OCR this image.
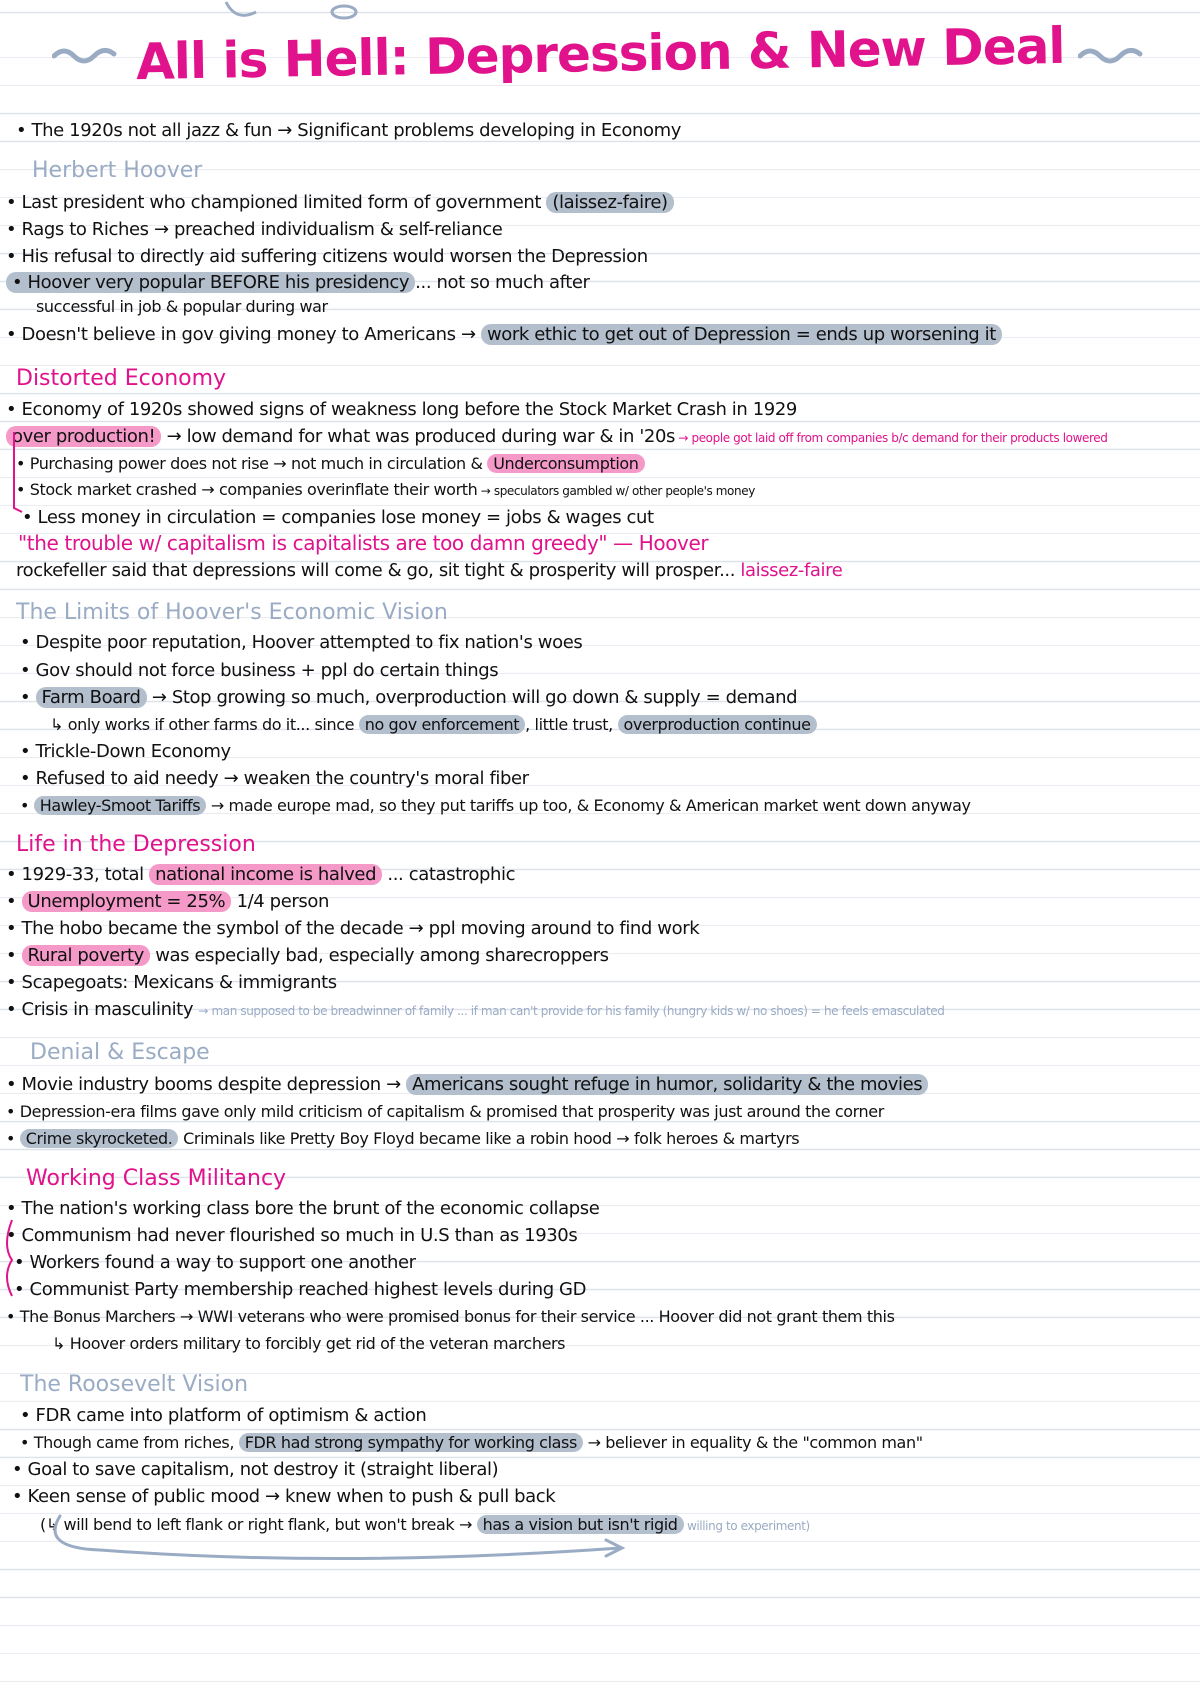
All is Hell: Depression & New Deal
• The 1920s not all jazz & fun → Significant problems developing in Economy
Herbert Hoover
• Last president who championed limited form of government (laissez-faire)
• Rags to Riches → preached individualism & self-reliance
• His refusal to directly aid suffering citizens would worsen the Depression
• Hoover very popular BEFORE his presidency ... not so much after
successful in job & popular during war
• Doesn't believe in gov giving money to Americans → work ethic to get out of Depression = ends up worsening it
Distorted Economy
• Economy of 1920s showed signs of weakness long before the Stock Market Crash in 1929
over production! → low demand for what was produced during war & in '20s → people got laid off from companies b/c demand for their products lowered
• Purchasing power does not rise → not much in circulation & Underconsumption
• Stock market crashed → companies overinflate their worth → speculators gambled w/ other people's money
• Less money in circulation = companies lose money = jobs & wages cut
"the trouble w/ capitalism is capitalists are too damn greedy" — Hoover
rockefeller said that depressions will come & go, sit tight & prosperity will prosper... laissez-faire
The Limits of Hoover's Economic Vision
• Despite poor reputation, Hoover attempted to fix nation's woes
• Gov should not force business + ppl do certain things
• Farm Board → Stop growing so much, overproduction will go down & supply = demand
↳ only works if other farms do it... since no gov enforcement , little trust, overproduction continue
• Trickle-Down Economy
• Refused to aid needy → weaken the country's moral fiber
• Hawley-Smoot Tariffs → made europe mad, so they put tariffs up too, & Economy & American market went down anyway
Life in the Depression
• 1929-33, total national income is halved ... catastrophic
• Unemployment = 25% 1/4 person
• The hobo became the symbol of the decade → ppl moving around to find work
• Rural poverty was especially bad, especially among sharecroppers
• Scapegoats: Mexicans & immigrants
• Crisis in masculinity → man supposed to be breadwinner of family ... if man can't provide for his family (hungry kids w/ no shoes) = he feels emasculated
Denial & Escape
• Movie industry booms despite depression → Americans sought refuge in humor, solidarity & the movies
• Depression-era films gave only mild criticism of capitalism & promised that prosperity was just around the corner
• Crime skyrocketed. Criminals like Pretty Boy Floyd became like a robin hood → folk heroes & martyrs
Working Class Militancy
• The nation's working class bore the brunt of the economic collapse
• Communism had never flourished so much in U.S than as 1930s
• Workers found a way to support one another
• Communist Party membership reached highest levels during GD
• The Bonus Marchers → WWI veterans who were promised bonus for their service ... Hoover did not grant them this
↳ Hoover orders military to forcibly get rid of the veteran marchers
The Roosevelt Vision
• FDR came into platform of optimism & action
• Though came from riches, FDR had strong sympathy for working class → believer in equality & the "common man"
• Goal to save capitalism, not destroy it (straight liberal)
• Keen sense of public mood → knew when to push & pull back
(↳ will bend to left flank or right flank, but won't break → has a vision but isn't rigid willing to experiment)
